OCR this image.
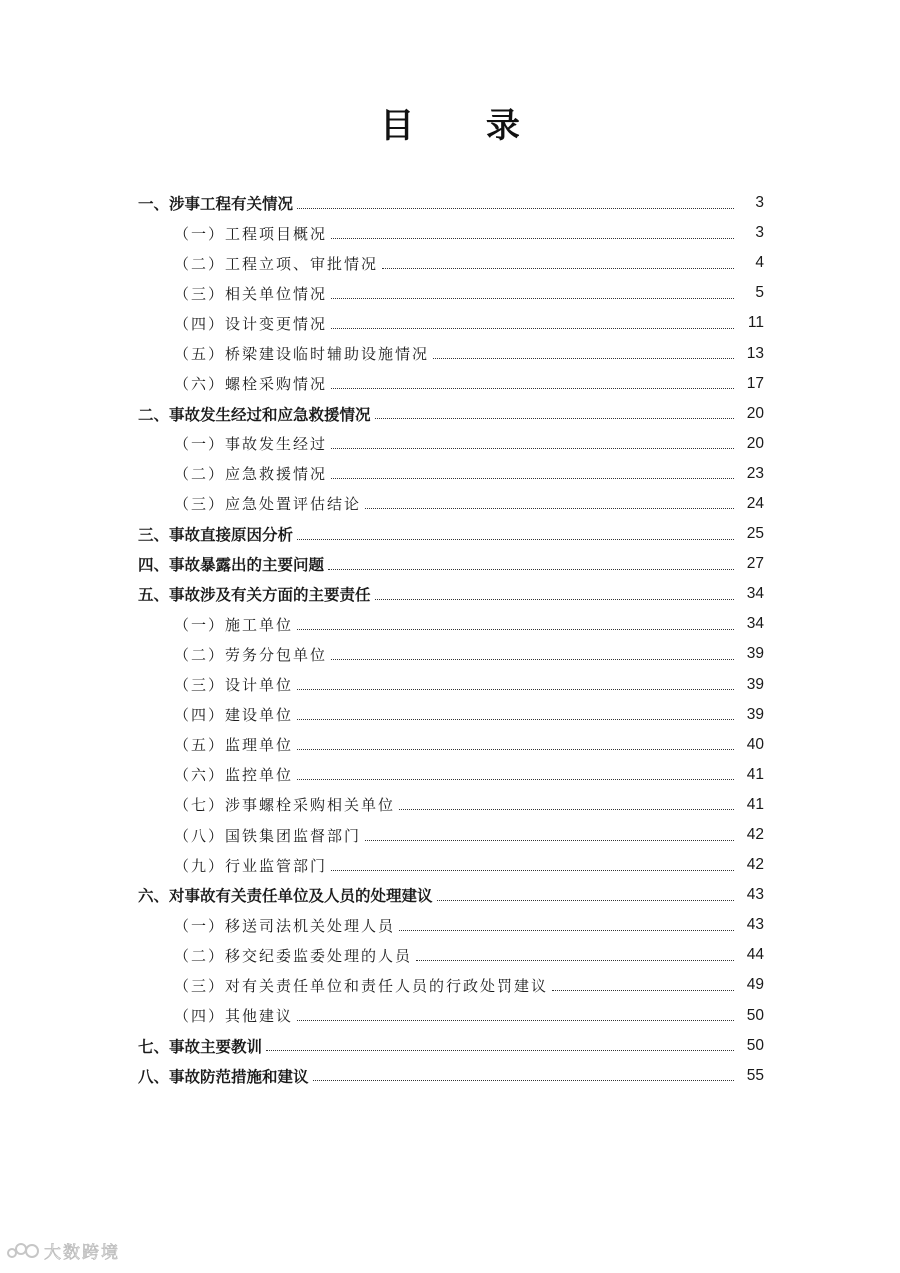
目 录
一、涉事工程有关情况	3
（一）工程项目概况	3
（二）工程立项、审批情况	4
（三）相关单位情况	5
（四）设计变更情况	11
（五）桥梁建设临时辅助设施情况	13
（六）螺栓采购情况	17
二、事故发生经过和应急救援情况	20
（一）事故发生经过	20
（二）应急救援情况	23
（三）应急处置评估结论	24
三、事故直接原因分析	25
四、事故暴露出的主要问题	27
五、事故涉及有关方面的主要责任	34
（一）施工单位	34
（二）劳务分包单位	39
（三）设计单位	39
（四）建设单位	39
（五）监理单位	40
（六）监控单位	41
（七）涉事螺栓采购相关单位	41
（八）国铁集团监督部门	42
（九）行业监管部门	42
六、对事故有关责任单位及人员的处理建议	43
（一）移送司法机关处理人员	43
（二）移交纪委监委处理的人员	44
（三）对有关责任单位和责任人员的行政处罚建议	49
（四）其他建议	50
七、事故主要教训	50
八、事故防范措施和建议	55
大数跨境
